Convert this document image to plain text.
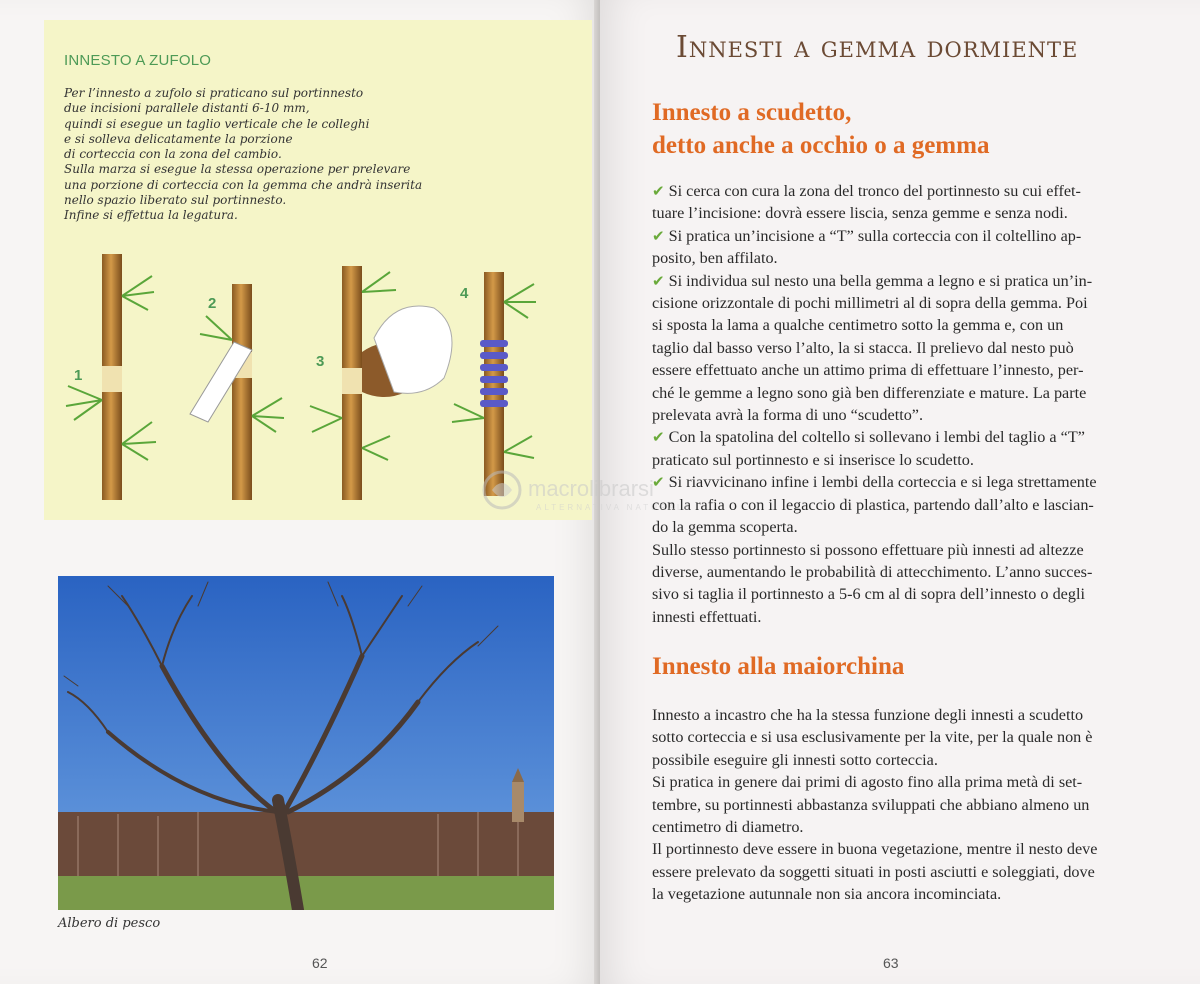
INNESTO A ZUFOLO
Per l’innesto a zufolo si praticano sul portinnesto
due incisioni parallele distanti 6-10 mm,
quindi si esegue un taglio verticale che le colleghi
e si solleva delicatamente la porzione
di corteccia con la zona del cambio.
Sulla marza si esegue la stessa operazione per prelevare
una porzione di corteccia con la gemma che andrà inserita
nello spazio liberato sul portinnesto.
Infine si effettua la legatura.
1
2
3
4
Albero di pesco
62
Innesti a gemma dormiente
Innesto a scudetto,
detto anche a occhio o a gemma
✔ Si cerca con cura la zona del tronco del portinnesto su cui effet-
tuare l’incisione: dovrà essere liscia, senza gemme e senza nodi.
✔ Si pratica un’incisione a “T” sulla corteccia con il coltellino ap-
posito, ben affilato.
✔ Si individua sul nesto una bella gemma a legno e si pratica un’in-
cisione orizzontale di pochi millimetri al di sopra della gemma. Poi
si sposta la lama a qualche centimetro sotto la gemma e, con un
taglio dal basso verso l’alto, la si stacca. Il prelievo dal nesto può
essere effettuato anche un attimo prima di effettuare l’innesto, per-
ché le gemme a legno sono già ben differenziate e mature. La parte
prelevata avrà la forma di uno “scudetto”.
✔ Con la spatolina del coltello si sollevano i lembi del taglio a “T”
praticato sul portinnesto e si inserisce lo scudetto.
✔ Si riavvicinano infine i lembi della corteccia e si lega strettamente
con la rafia o con il legaccio di plastica, partendo dall’alto e lascian-
do la gemma scoperta.
Sullo stesso portinnesto si possono effettuare più innesti ad altezze
diverse, aumentando le probabilità di attecchimento. L’anno succes-
sivo si taglia il portinnesto a 5-6 cm al di sopra dell’innesto o degli
innesti effettuati.
Innesto alla maiorchina
Innesto a incastro che ha la stessa funzione degli innesti a scudetto
sotto corteccia e si usa esclusivamente per la vite, per la quale non è
possibile eseguire gli innesti sotto corteccia.
Si pratica in genere dai primi di agosto fino alla prima metà di set-
tembre, su portinnesti abbastanza sviluppati che abbiano almeno un
centimetro di diametro.
Il portinnesto deve essere in buona vegetazione, mentre il nesto deve
essere prelevato da soggetti situati in posti asciutti e soleggiati, dove
la vegetazione autunnale non sia ancora incominciata.
63
macrolibrarsi
ALTERNATIVA NATURALE
